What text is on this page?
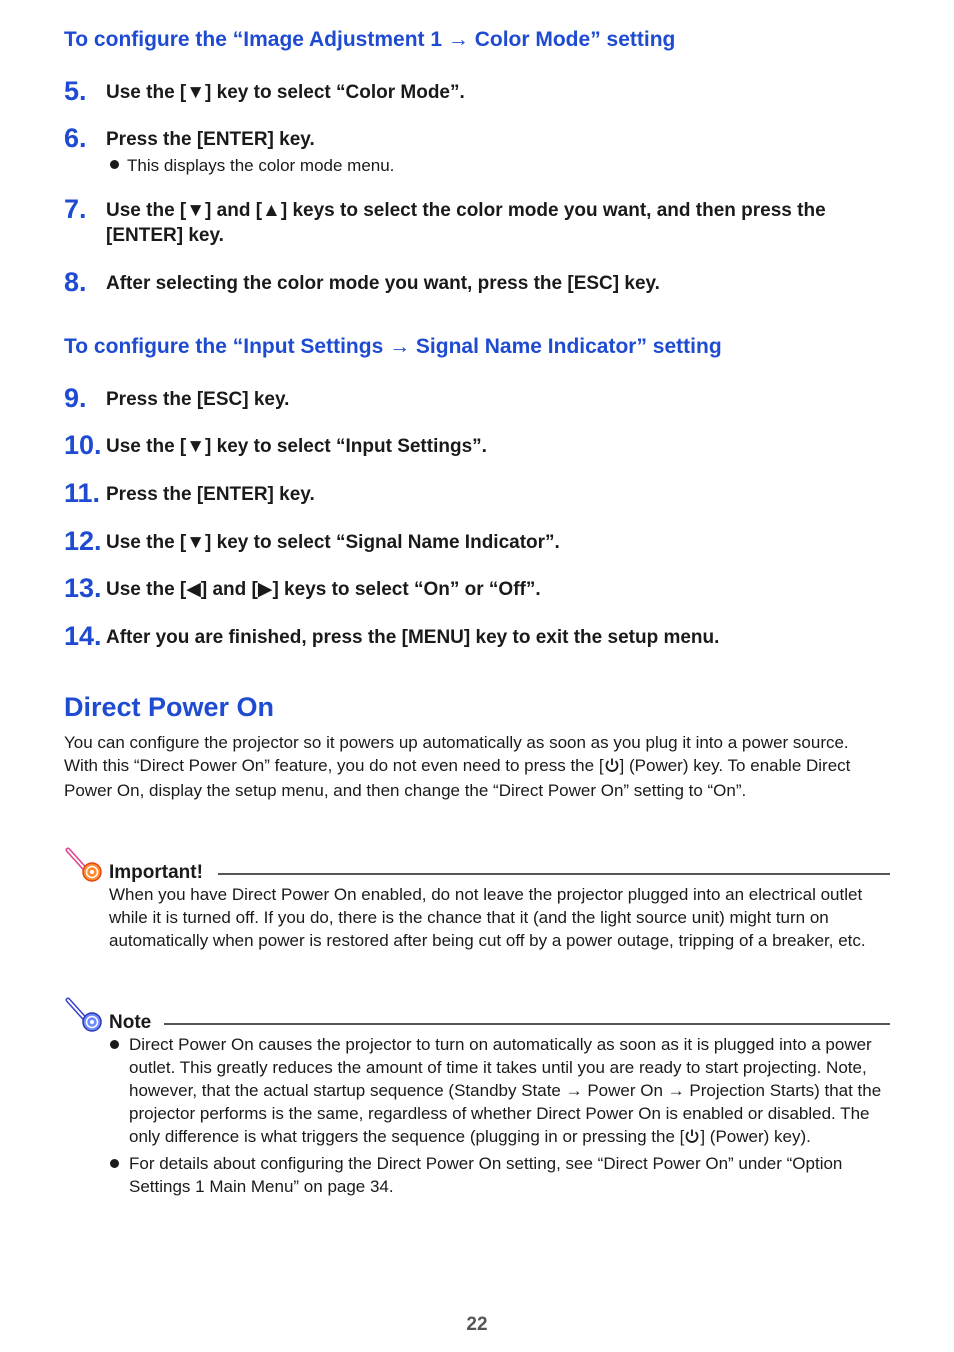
To configure the “Image Adjustment 1 → Color Mode” setting
5. Use the [▼] key to select “Color Mode”.
6. Press the [ENTER] key.
This displays the color mode menu.
7. Use the [▼] and [▲] keys to select the color mode you want, and then press the [ENTER] key.
8. After selecting the color mode you want, press the [ESC] key.
To configure the “Input Settings → Signal Name Indicator” setting
9. Press the [ESC] key.
10. Use the [▼] key to select “Input Settings”.
11. Press the [ENTER] key.
12. Use the [▼] key to select “Signal Name Indicator”.
13. Use the [◀] and [▶] keys to select “On” or “Off”.
14. After you are finished, press the [MENU] key to exit the setup menu.
Direct Power On
You can configure the projector so it powers up automatically as soon as you plug it into a power source. With this “Direct Power On” feature, you do not even need to press the [ ] (Power) key. To enable Direct Power On, display the setup menu, and then change the “Direct Power On” setting to “On”.
Important!
When you have Direct Power On enabled, do not leave the projector plugged into an electrical outlet while it is turned off. If you do, there is the chance that it (and the light source unit) might turn on automatically when power is restored after being cut off by a power outage, tripping of a breaker, etc.
Note
Direct Power On causes the projector to turn on automatically as soon as it is plugged into a power outlet. This greatly reduces the amount of time it takes until you are ready to start projecting. Note, however, that the actual startup sequence (Standby State → Power On → Projection Starts) that the projector performs is the same, regardless of whether Direct Power On is enabled or disabled. The only difference is what triggers the sequence (plugging in or pressing the [ ] (Power) key).
For details about configuring the Direct Power On setting, see “Direct Power On” under “Option Settings 1 Main Menu” on page 34.
22
